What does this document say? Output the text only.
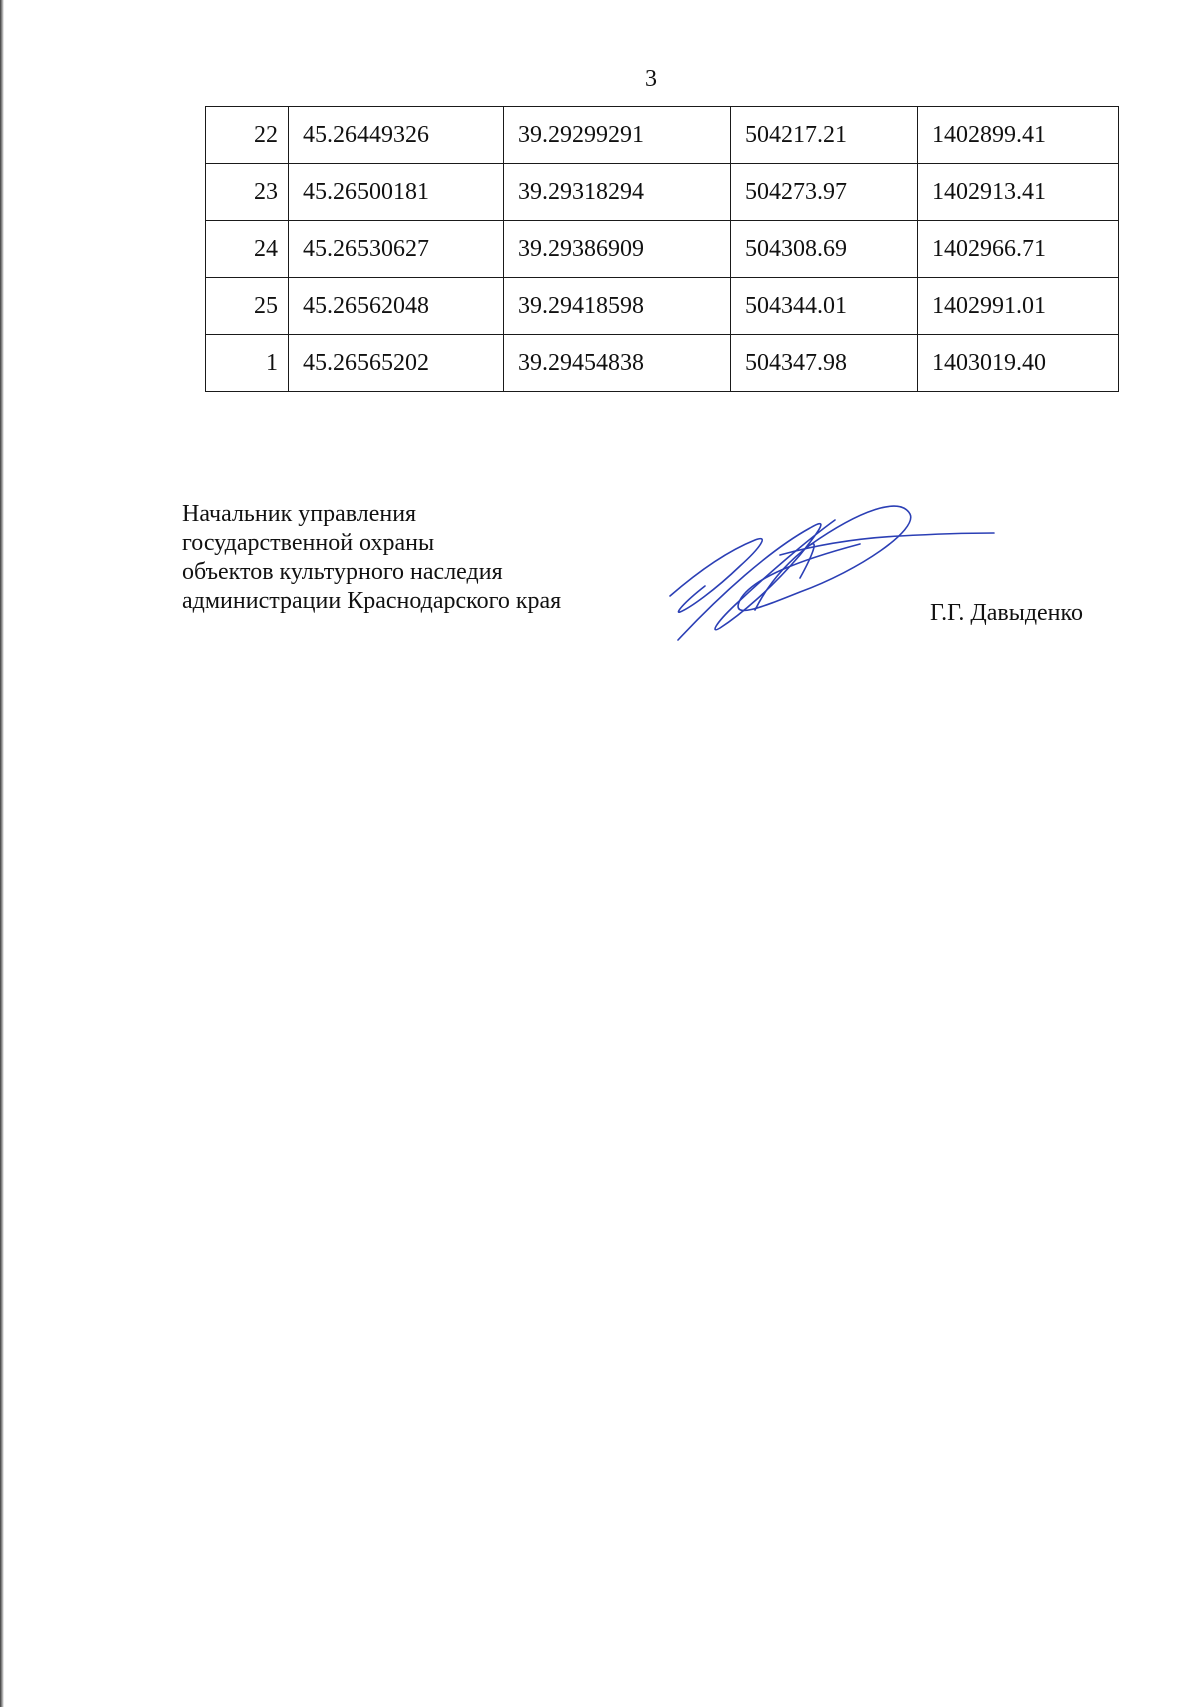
3
22	45.26449326	39.29299291	504217.21	1402899.41
23	45.26500181	39.29318294	504273.97	1402913.41
24	45.26530627	39.29386909	504308.69	1402966.71
25	45.26562048	39.29418598	504344.01	1402991.01
1	45.26565202	39.29454838	504347.98	1403019.40
Начальник управления
государственной охраны
объектов культурного наследия
администрации Краснодарского края	Г.Г. Давыденко
